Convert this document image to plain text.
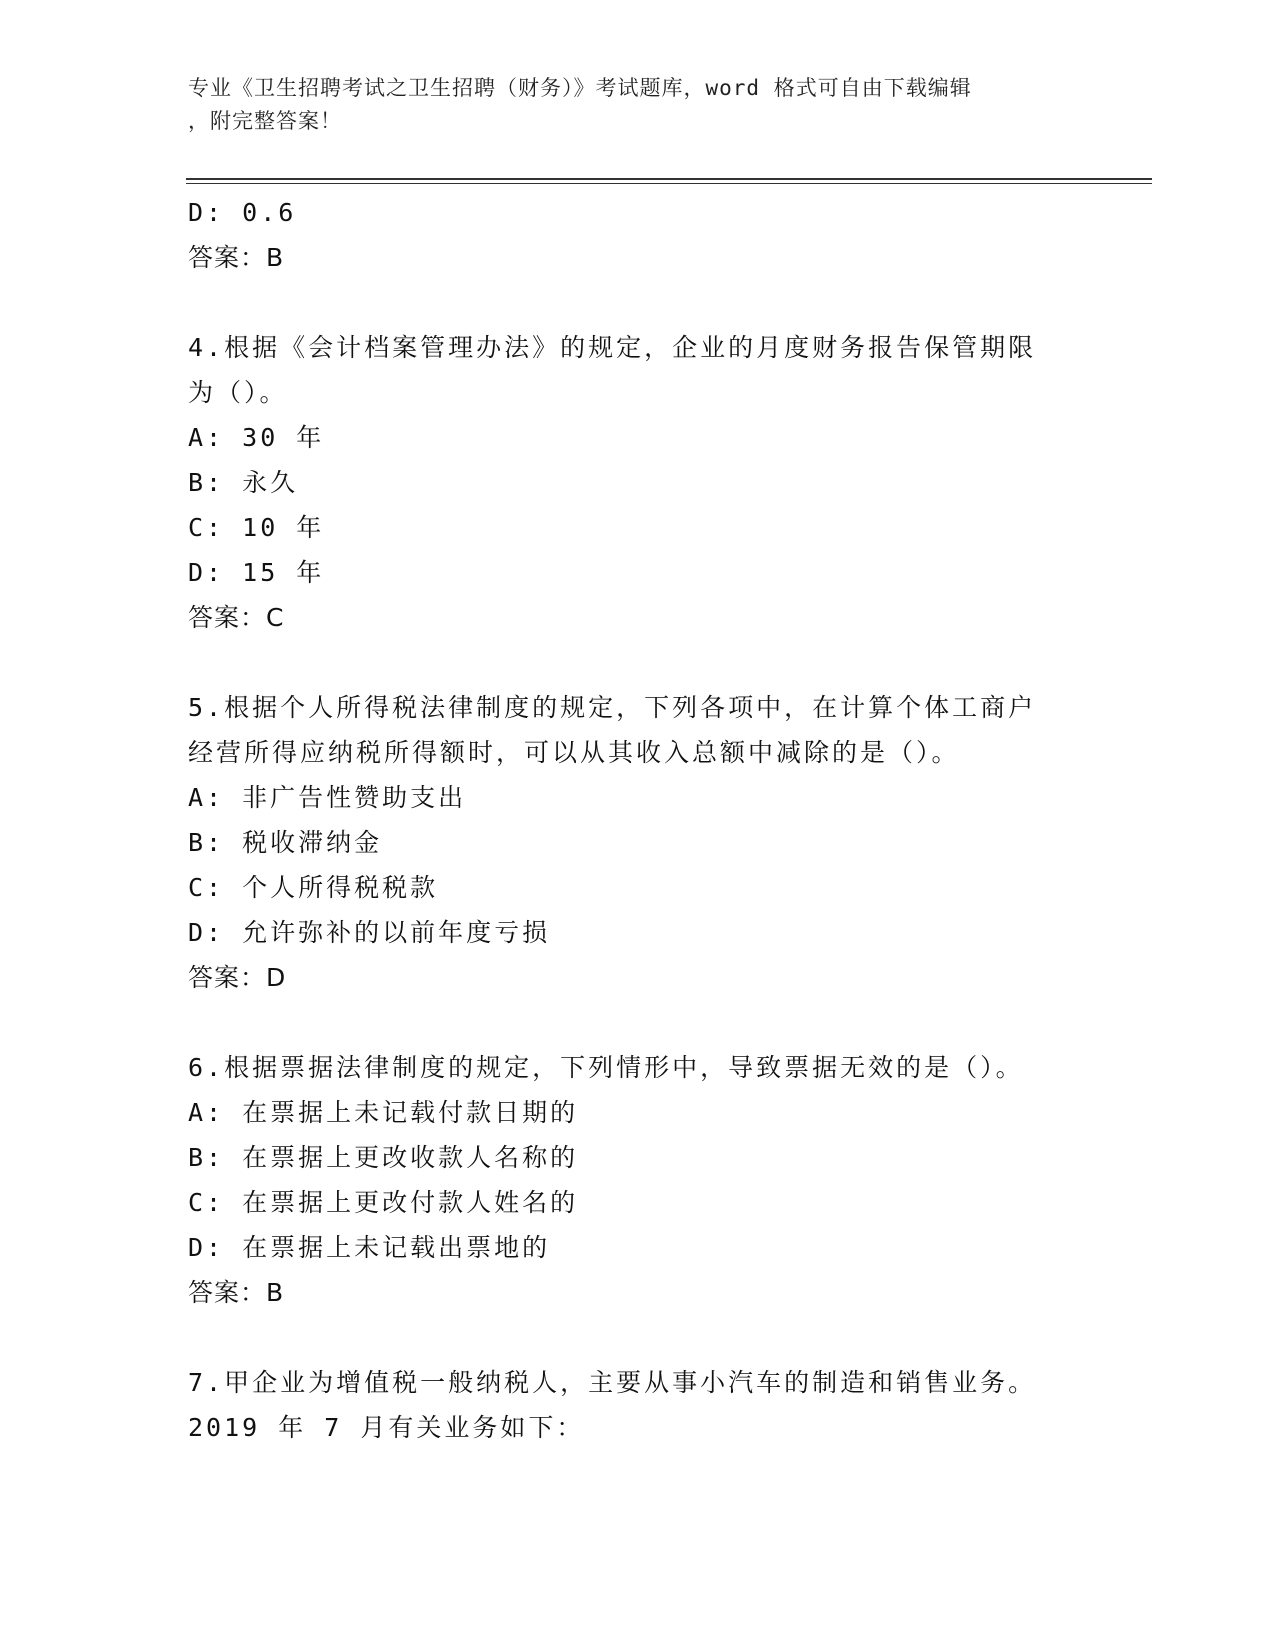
专业《卫生招聘考试之卫生招聘（财务）》考试题库，word 格式可自由下载编辑
，附完整答案！
D: 0.6
答案：B
4.根据《会计档案管理办法》的规定，企业的月度财务报告保管期限
为（）。
A: 30 年
B: 永久
C: 10 年
D: 15 年
答案：C
5.根据个人所得税法律制度的规定，下列各项中，在计算个体工商户
经营所得应纳税所得额时，可以从其收入总额中减除的是（）。
A: 非广告性赞助支出
B: 税收滞纳金
C: 个人所得税税款
D: 允许弥补的以前年度亏损
答案：D
6.根据票据法律制度的规定，下列情形中，导致票据无效的是（）。
A: 在票据上未记载付款日期的
B: 在票据上更改收款人名称的
C: 在票据上更改付款人姓名的
D: 在票据上未记载出票地的
答案：B
7.甲企业为增值税一般纳税人，主要从事小汽车的制造和销售业务。
2019 年 7 月有关业务如下：
